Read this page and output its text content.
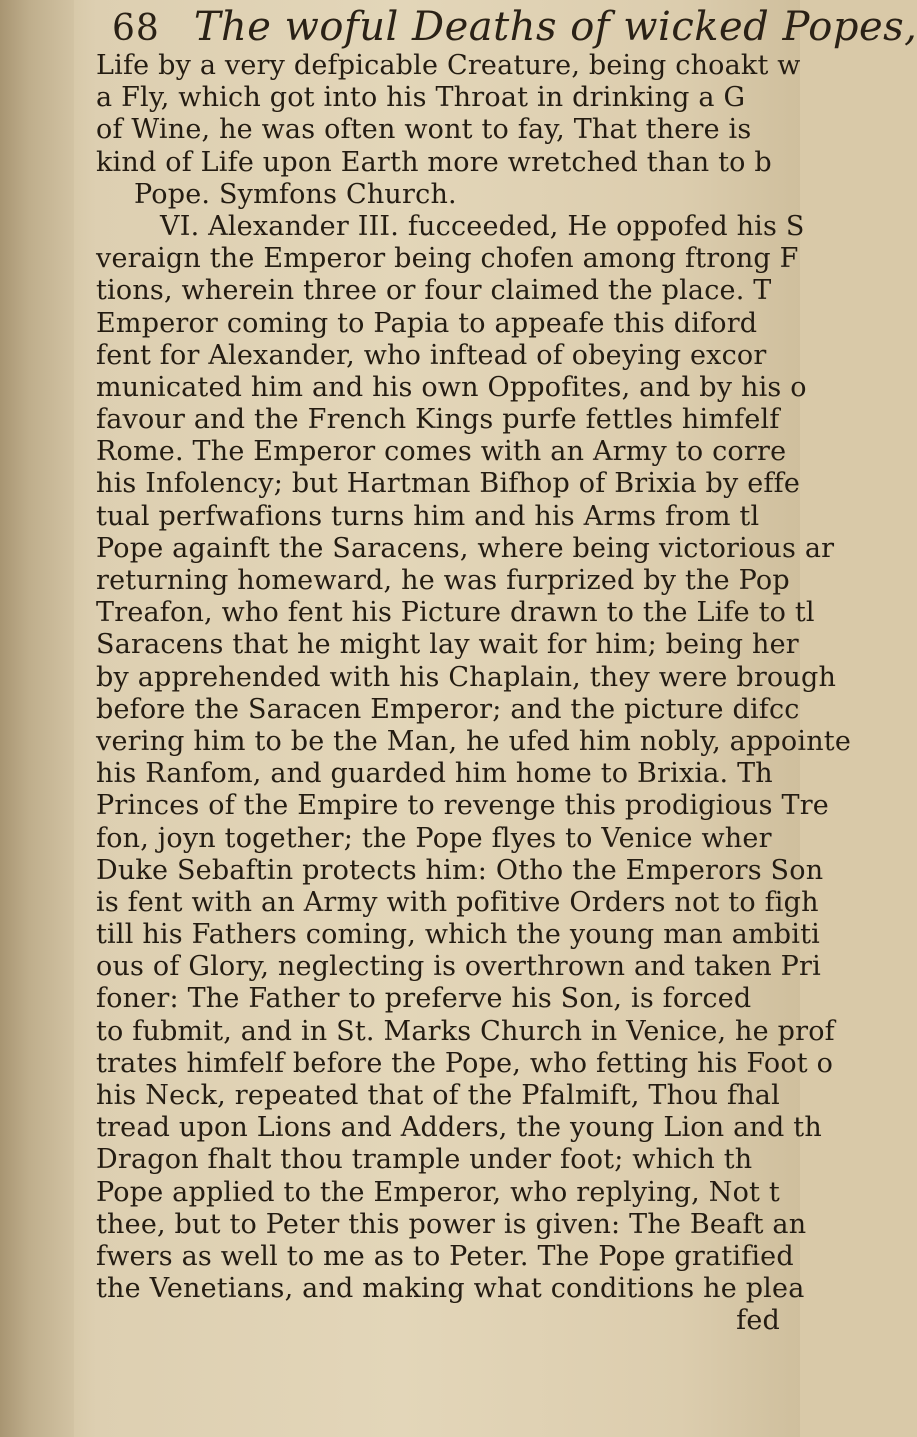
68 The woful Deaths of wicked Popes,
Life by a very defpicable Creature, being choakt w
a Fly, which got into his Throat in drinking a G
of Wine, he was often wont to fay, That there is
kind of Life upon Earth more wretched than to b
Pope. Symfons Church.
VI. Alexander III. fucceeded, He oppofed his S
veraign the Emperor being chofen among ftrong F
tions, wherein three or four claimed the place. T
Emperor coming to Papia to appeafe this diford
fent for Alexander, who inftead of obeying excor
municated him and his own Oppofites, and by his o
favour and the French Kings purfe fettles himfelf
Rome. The Emperor comes with an Army to corre
his Infolency; but Hartman Bifhop of Brixia by effe
tual perfwafions turns him and his Arms from tl
Pope againft the Saracens, where being victorious ar
returning homeward, he was furprized by the Pop
Treafon, who fent his Picture drawn to the Life to tl
Saracens that he might lay wait for him; being her
by apprehended with his Chaplain, they were brough
before the Saracen Emperor; and the picture difcc
vering him to be the Man, he ufed him nobly, appointe
his Ranfom, and guarded him home to Brixia. Th
Princes of the Empire to revenge this prodigious Tre
fon, joyn together; the Pope flyes to Venice wher
Duke Sebaftin protects him: Otho the Emperors Son
is fent with an Army with pofitive Orders not to figh
till his Fathers coming, which the young man ambiti
ous of Glory, neglecting is overthrown and taken Pri
foner: The Father to preferve his Son, is forced
to fubmit, and in St. Marks Church in Venice, he prof
trates himfelf before the Pope, who fetting his Foot o
his Neck, repeated that of the Pfalmift, Thou fhal
tread upon Lions and Adders, the young Lion and th
Dragon fhalt thou trample under foot; which th
Pope applied to the Emperor, who replying, Not t
thee, but to Peter this power is given: The Beaft an
fwers as well to me as to Peter. The Pope gratified
the Venetians, and making what conditions he plea
fed
